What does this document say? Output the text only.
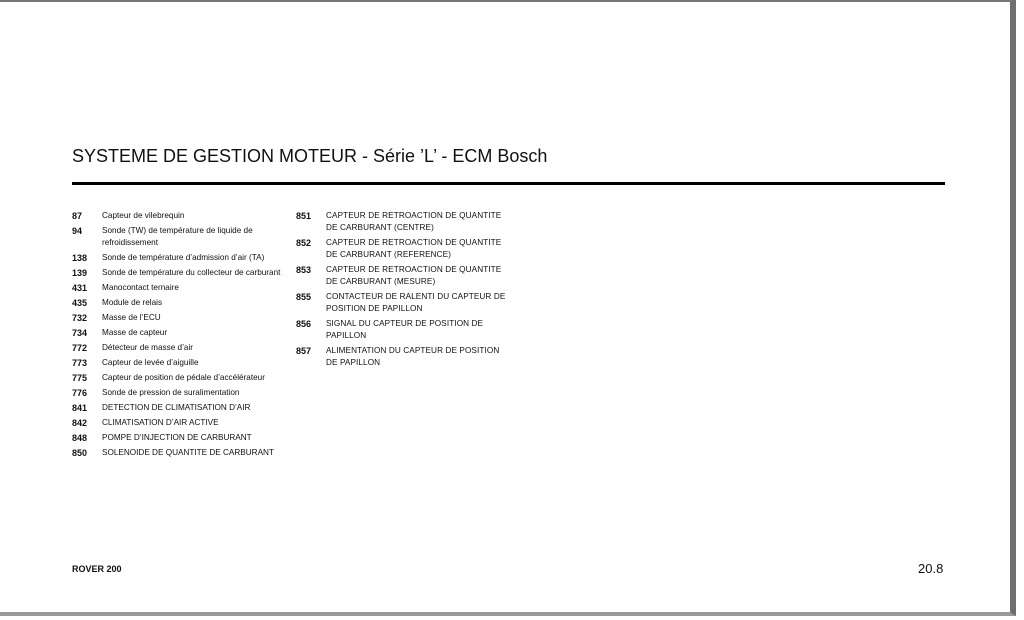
SYSTEME DE GESTION MOTEUR - Série ’L’ - ECM Bosch
87	Capteur de vilebrequin
94	Sonde (TW) de température de liquide de refroidissement
138	Sonde de température d’admission d’air (TA)
139	Sonde de température du collecteur de carburant
431	Manocontact ternaire
435	Module de relais
732	Masse de l’ECU
734	Masse de capteur
772	Détecteur de masse d’air
773	Capteur de levée d’aiguille
775	Capteur de position de pédale d’accélérateur
776	Sonde de pression de suralimentation
841	DETECTION DE CLIMATISATION D’AIR
842	CLIMATISATION D’AIR ACTIVE
848	POMPE D’INJECTION DE CARBURANT
850	SOLENOIDE DE QUANTITE DE CARBURANT
851	CAPTEUR DE RETROACTION DE QUANTITE DE CARBURANT (CENTRE)
852	CAPTEUR DE RETROACTION DE QUANTITE DE CARBURANT (REFERENCE)
853	CAPTEUR DE RETROACTION DE QUANTITE DE CARBURANT (MESURE)
855	CONTACTEUR DE RALENTI DU CAPTEUR DE POSITION DE PAPILLON
856	SIGNAL DU CAPTEUR DE POSITION DE PAPILLON
857	ALIMENTATION DU CAPTEUR DE POSITION DE PAPILLON
ROVER 200	20.8
